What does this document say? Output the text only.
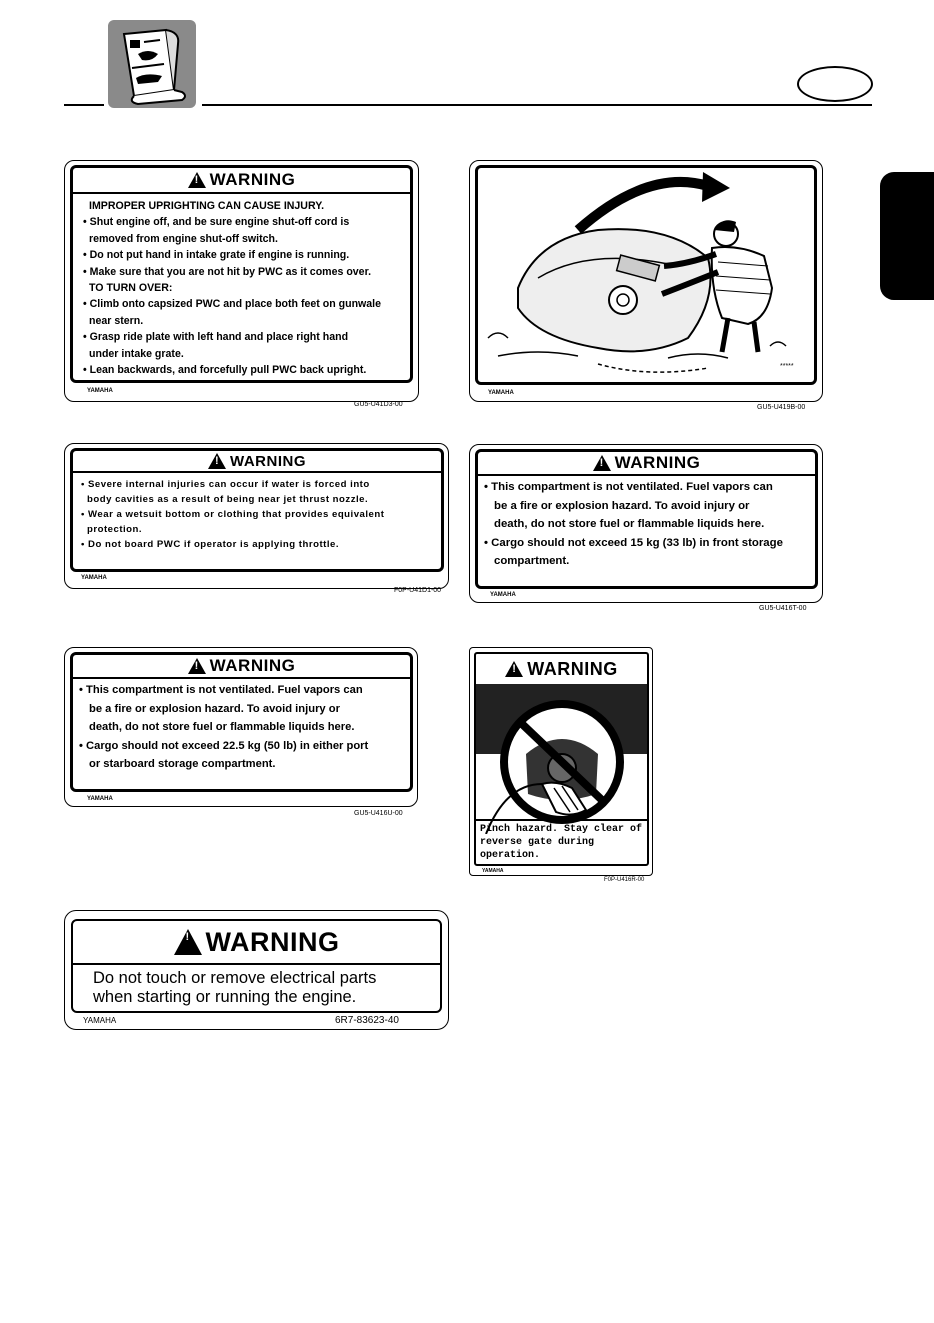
!
WARNING

IMPROPER UPRIGHTING CAN CAUSE INJURY.

• Shut engine off, and be sure engine shut-off cord is

removed from engine shut-off switch.

• Do not put hand in intake grate if engine is running.

• Make sure that you are not hit by PWC as it comes over.

TO TURN OVER:

• Climb onto capsized PWC and place both feet on gunwale

near stern.

• Grasp ride plate with left hand and place right hand

under intake grate.

• Lean backwards, and forcefully pull PWC back upright.

YAMAHA
GU5-U41D3-00
*****
YAMAHA
GU5-U419B-00
!
WARNING

• Severe internal injuries can occur if water is forced into

body cavities as a result of being near jet thrust nozzle.

• Wear a wetsuit bottom or clothing that provides equivalent

protection.

• Do not board PWC if operator is applying throttle.

YAMAHA
F0P-U41D1-00
!
WARNING

• This compartment is not ventilated. Fuel vapors can

be a fire or explosion hazard. To avoid injury or

death, do not store fuel or flammable liquids here.

• Cargo should not exceed 15 kg (33 lb) in front storage

compartment.

YAMAHA
GU5-U416T-00
!
WARNING

• This compartment is not ventilated. Fuel vapors can

be a fire or explosion hazard. To avoid injury or

death, do not store fuel or flammable liquids here.

• Cargo should not exceed 22.5 kg (50 lb) in either port

or starboard storage compartment.

YAMAHA
GU5-U416U-00
!
WARNING

Pinch hazard. Stay clear of

reverse gate during operation.

YAMAHA
F0P-U416R-00
!
WARNING

Do not touch or remove electrical parts

when starting or running the engine.

YAMAHA	6R7-83623-40
